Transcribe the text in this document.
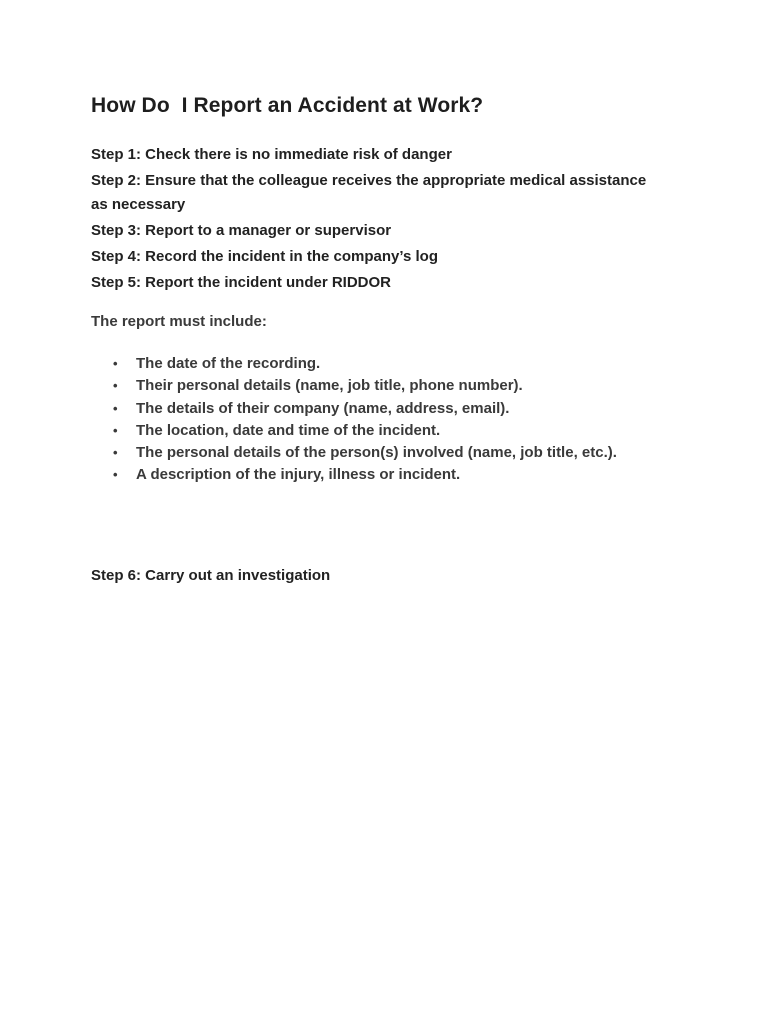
How Do  I Report an Accident at Work?

Step 1: Check there is no immediate risk of danger

Step 2: Ensure that the colleague receives the appropriate medical assistance as necessary

Step 3: Report to a manager or supervisor

Step 4: Record the incident in the company’s log

Step 5: Report the incident under RIDDOR

The report must include:

• The date of the recording.
• Their personal details (name, job title, phone number).
• The details of their company (name, address, email).
• The location, date and time of the incident.
• The personal details of the person(s) involved (name, job title, etc.).
• A description of the injury, illness or incident.

Step 6: Carry out an investigation
